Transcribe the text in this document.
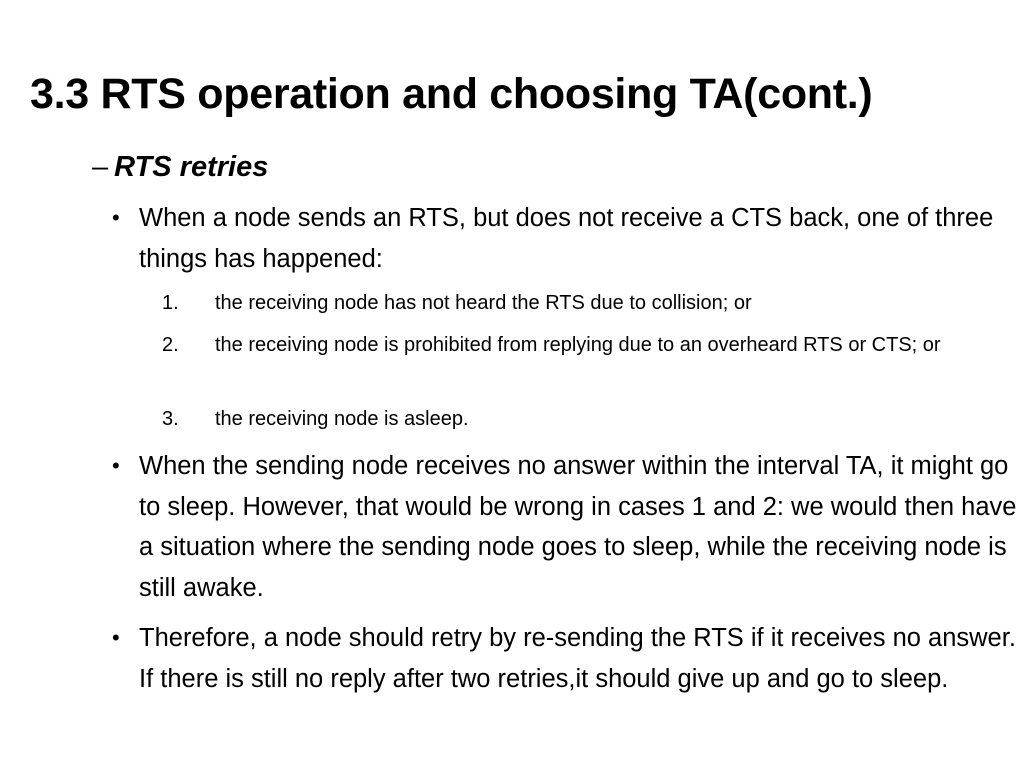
3.3 RTS operation and choosing TA(cont.)
– RTS retries
• When a node sends an RTS, but does not receive a CTS back, one of three things has happened:
1. the receiving node has not heard the RTS due to collision; or
2. the receiving node is prohibited from replying due to an overheard RTS or CTS; or
3. the receiving node is asleep.
• When the sending node receives no answer within the interval TA, it might go to sleep. However, that would be wrong in cases 1 and 2: we would then have a situation where the sending node goes to sleep, while the receiving node is still awake.
• Therefore, a node should retry by re-sending the RTS if it receives no answer. If there is still no reply after two retries,it should give up and go to sleep.
